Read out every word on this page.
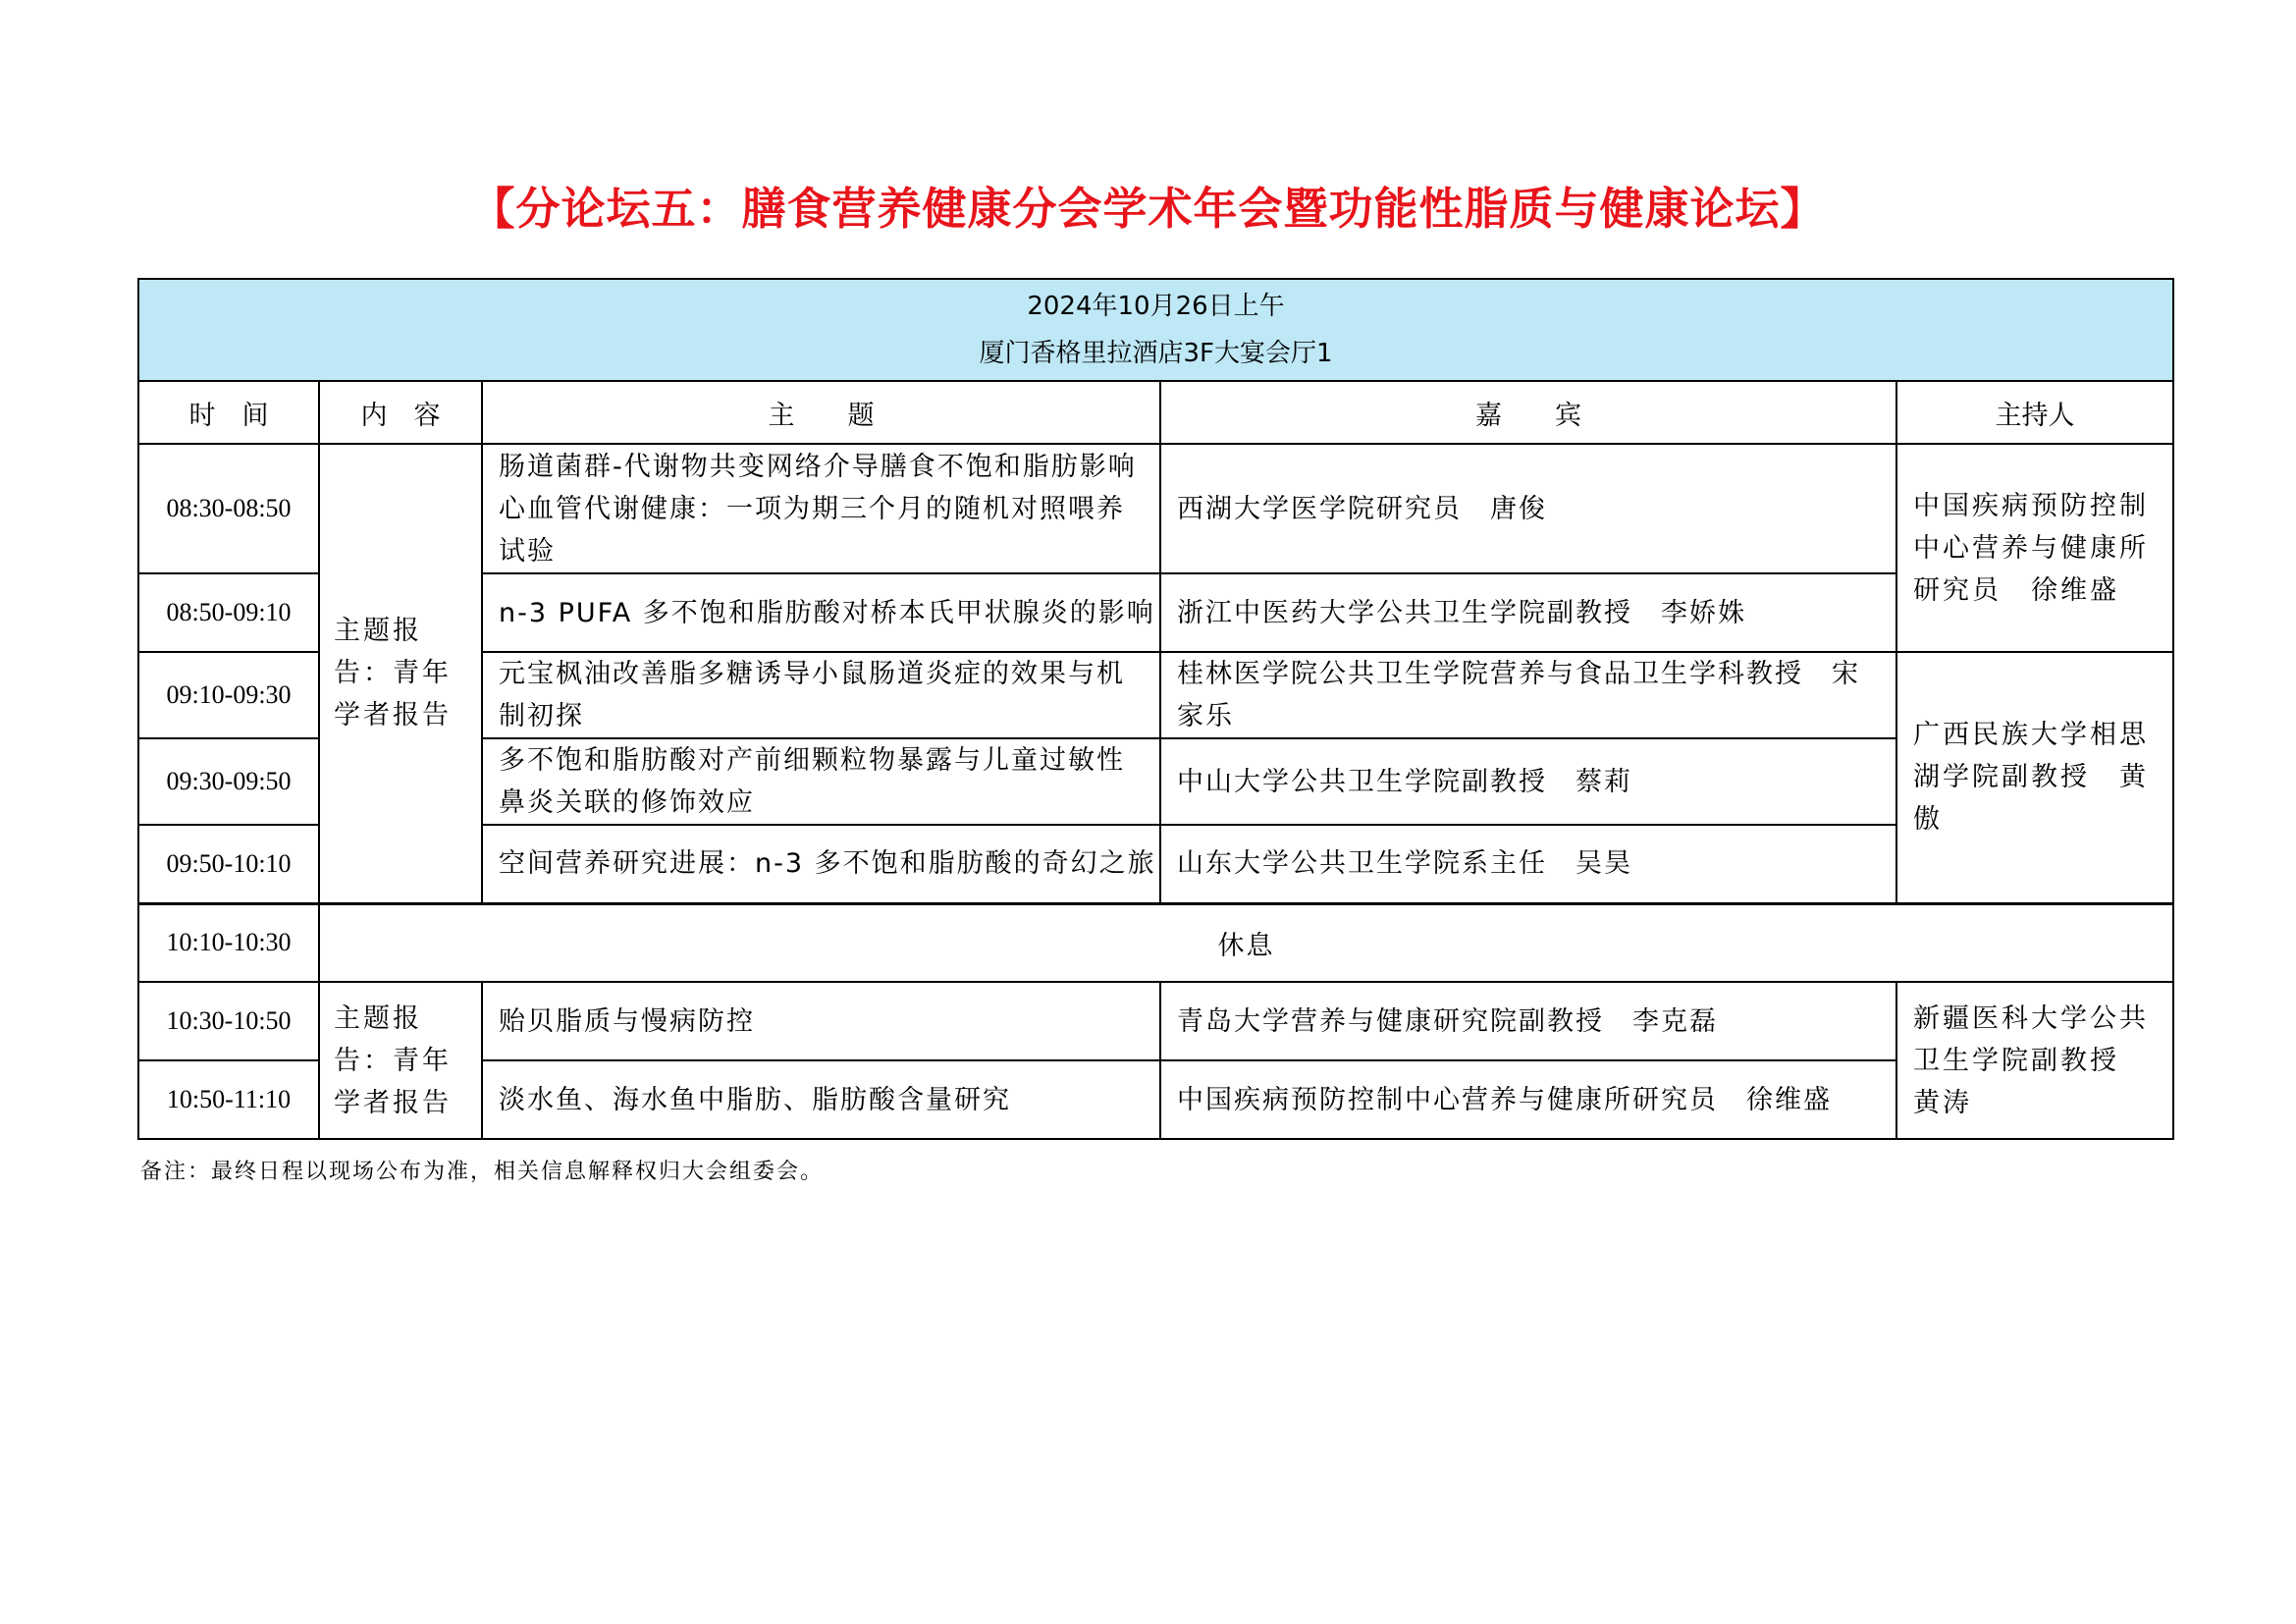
【分论坛五：膳食营养健康分会学术年会暨功能性脂质与健康论坛】
2024年10月26日上午
厦门香格里拉酒店3F大宴会厅1				

时　间	内　容	主　　题	嘉　　宾	主持人
08:30-08:50	主题报告：青年学者报告	肠道菌群-代谢物共变网络介导膳食不饱和脂肪影响心血管代谢健康：一项为期三个月的随机对照喂养试验	西湖大学医学院研究员　唐俊	中国疾病预防控制中心营养与健康所研究员　徐维盛
08:50-09:10		n-3 PUFA 多不饱和脂肪酸对桥本氏甲状腺炎的影响	浙江中医药大学公共卫生学院副教授　李娇姝	
09:10-09:30		元宝枫油改善脂多糖诱导小鼠肠道炎症的效果与机制初探	桂林医学院公共卫生学院营养与食品卫生学科教授　宋家乐	广西民族大学相思湖学院副教授　黄傲
09:30-09:50		多不饱和脂肪酸对产前细颗粒物暴露与儿童过敏性鼻炎关联的修饰效应	中山大学公共卫生学院副教授　蔡莉	
09:50-10:10		空间营养研究进展：n-3 多不饱和脂肪酸的奇幻之旅	山东大学公共卫生学院系主任　吴昊	
10:10-10:30	休息			
10:30-10:50	主题报告：青年学者报告	贻贝脂质与慢病防控	青岛大学营养与健康研究院副教授　李克磊	新疆医科大学公共卫生学院副教授　黄涛
10:50-11:10		淡水鱼、海水鱼中脂肪、脂肪酸含量研究	中国疾病预防控制中心营养与健康所研究员　徐维盛	
备注：最终日程以现场公布为准，相关信息解释权归大会组委会。
